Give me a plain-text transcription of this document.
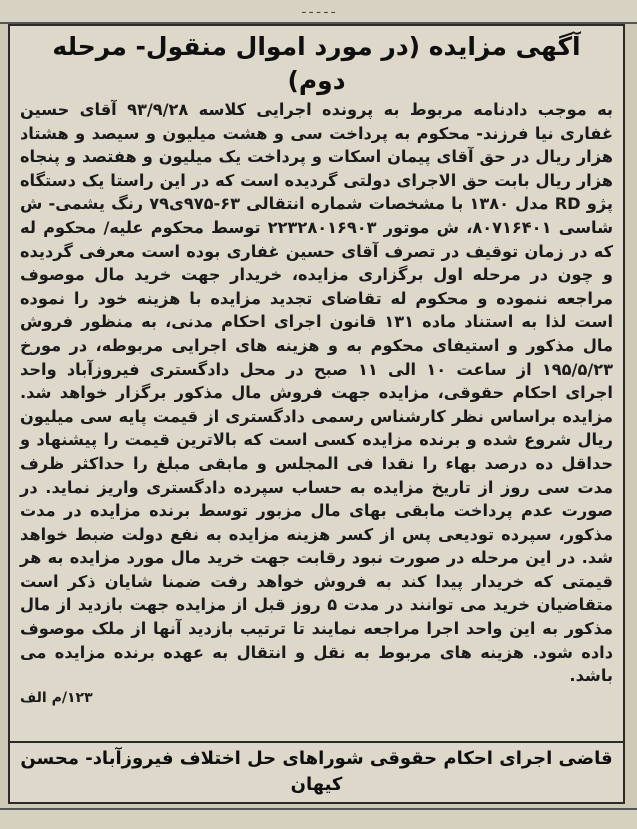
ـ ـ ـ ـ ـ
آگهی مزایده (در مورد اموال منقول- مرحله دوم)

به موجب دادنامه مربوط به پرونده اجرایی کلاسه ۹۳/۹/۲۸ آقای حسین غفاری نیا فرزند- محکوم به پرداخت سی و هشت میلیون و سیصد و هشتاد هزار ریال در حق آقای پیمان اسکات و پرداخت یک میلیون و هفتصد و پنجاه هزار ریال بابت حق الاجرای دولتی گردیده است که در این راستا یک دستگاه پژو RD مدل ۱۳۸۰ با مشخصات شماره انتقالی ۶۳-۹۷۵ی۷۹ رنگ یشمی- ش شاسی ۸۰۷۱۶۴۰۱، ش موتور ۲۲۳۲۸۰۱۶۹۰۳ توسط محکوم علیه/ محکوم له که در زمان توقیف در تصرف آقای حسین غفاری بوده است معرفی گردیده و چون در مرحله اول برگزاری مزایده، خریدار جهت خرید مال موصوف مراجعه ننموده و محکوم له تقاضای تجدید مزایده با هزینه خود را نموده است لذا به استناد ماده ۱۳۱ قانون اجرای احکام مدنی، به منظور فروش مال مذکور و استیفای محکوم به و هزینه های اجرایی مربوطه، در مورخ ۱۹۵/۵/۲۳ از ساعت ۱۰ الی ۱۱ صبح در محل دادگستری فیروزآباد واحد اجرای احکام حقوقی، مزایده جهت فروش مال مذکور برگزار خواهد شد. مزایده براساس نظر کارشناس رسمی دادگستری از قیمت پایه سی میلیون ریال شروع شده و برنده مزایده کسی است که بالاترین قیمت را پیشنهاد و حداقل ده درصد بهاء را نقدا فی المجلس و مابقی مبلغ را حداکثر ظرف مدت سی روز از تاریخ مزایده به حساب سپرده دادگستری واریز نماید. در صورت عدم پرداخت مابقی بهای مال مزبور توسط برنده مزایده در مدت مذکور، سپرده تودیعی پس از کسر هزینه مزایده به نفع دولت ضبط خواهد شد. در این مرحله در صورت نبود رقابت جهت خرید مال مورد مزایده به هر قیمتی که خریدار پیدا کند به فروش خواهد رفت ضمنا شایان ذکر است متقاضیان خرید می توانند در مدت ۵ روز قبل از مزایده جهت بازدید از مال مذکور به این واحد اجرا مراجعه نمایند تا ترتیب بازدید آنها از ملک موصوف داده شود. هزینه های مربوط به نقل و انتقال به عهده برنده مزایده می باشد.

۱۲۳/م الف

قاضی اجرای احکام حقوقی شوراهای حل اختلاف فیروزآباد- محسن کیهان
